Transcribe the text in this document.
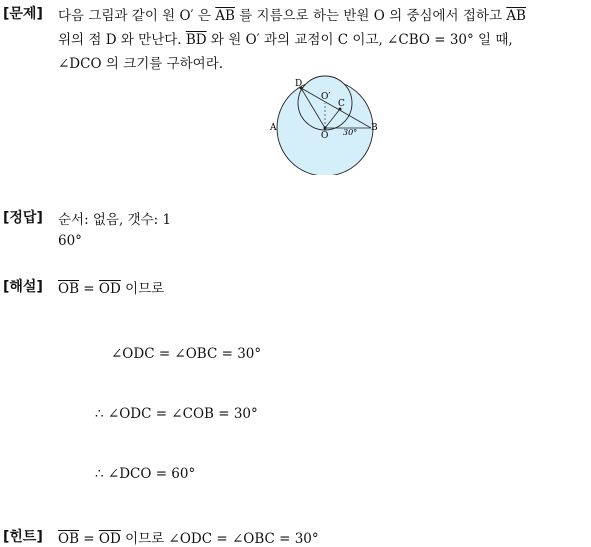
[문제] 다음 그림과 같이 원 O′ 은 $\overline{AB}$ 를 지름으로 하는 반원 O 의 중심에서 접하고 $\overline{AB}$
위의 점 D 와 만난다. $\overline{BD}$ 와 원 O′ 과의 교점이 C 이고, ∠CBO = 30° 일 때,
∠DCO 의 크기를 구하여라.
D
O′
C
O
A	B
30°
[정답] 순서: 없음, 갯수: 1
60°
[해설] $\overline{OB} = \overline{OD}$ 이므로
∠ODC = ∠OBC = 30°
∴ ∠ODC = ∠COB = 30°
∴ ∠DCO = 60°
[힌트] $\overline{OB} = \overline{OD}$ 이므로 ∠ODC = ∠OBC = 30°
